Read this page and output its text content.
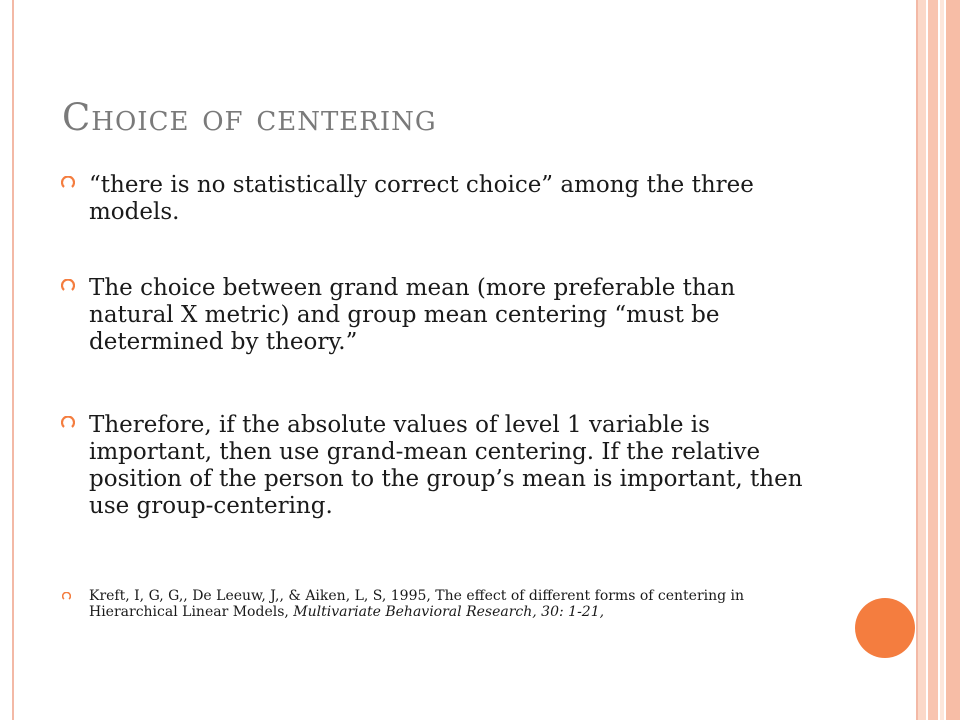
Choice of centering
“there is no statistically correct choice” among the three models.
The choice between grand mean (more preferable than natural X metric) and group mean centering “must be determined by theory.”
Therefore, if the absolute values of level 1 variable is important, then use grand-mean centering. If the relative position of the person to the group’s mean is important, then use group-centering.
Kreft, I, G, G,, De Leeuw, J,, & Aiken, L, S, 1995, The effect of different forms of centering in Hierarchical Linear Models, Multivariate Behavioral Research, 30: 1-21,
